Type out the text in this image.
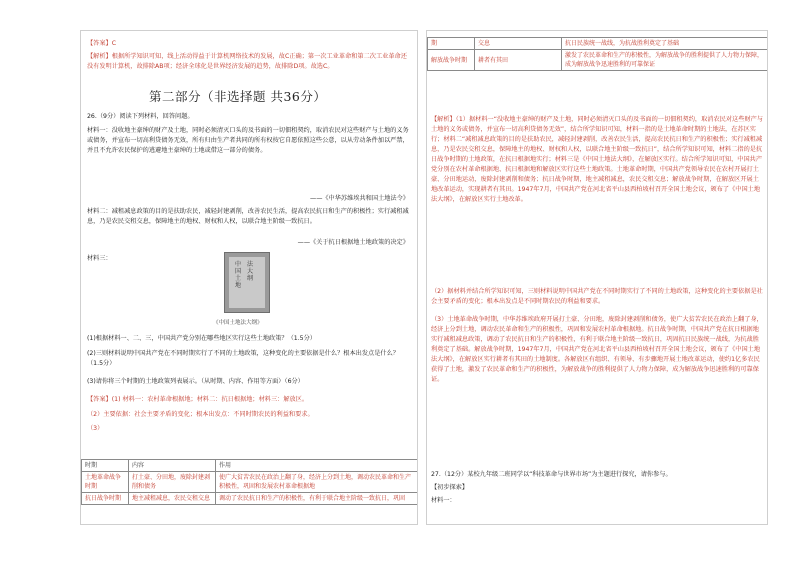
【答案】C

【解析】根据所学知识可知，线上活动得益于计算机网络技术的发展，故C正确；第一次工业革命和第二次工业革命还没有发明计算机，故排除AB项；经济全球化是世界经济发展的趋势，故排除D项。故选C。

第二部分（非选择题 共36分）

26.（9分）阅读下列材料，回答问题。

材料一：没收地主豪绅的财产及土地，同时必须清灭口头的及书面的一切佃租契约，取消农民对这些财产与土地的义务或债务，并宣布一切高利贷债务无效，所有归由生产者共同的所有权按它自愿依照这些公意，以从劳动条件加以严禁，并且不允许农民保护的逃避地主豪绅的土地或借这一部分的债务。

——《中华苏维埃共和国土地法令》

材料二：减租减息政策的目的是扶助农民，减轻封建剥削，改善农民生活，提高农民抗日和生产的积极性；实行减租减息，乃是农民交租交息，保障地主的地权、财权和人权，以联合地主阶级一致抗日。

——《关于抗日根据地土地政策的决定》

材料三：

中国土地
法大纲
《中国土地法大纲》

(1)根据材料一、二、三，中国共产党分别在哪些地区实行这些土地政策？（1.5分）

(2)三则材料说明中国共产党在不同时期实行了不同的土地政策，这种变化的主要依据是什么？根本出发点是什么？（1.5分）

(3)请你将三个时期的土地政策列表展示。（从时期、内容、作用等方面）（6分）

【答案】(1) 材料一：农村革命根据地；材料二：抗日根据地；材料三：解放区。

（2）主要依据：社会主要矛盾的变化；根本出发点：不同时期农民的利益和要求。

（3）

时期	内容	作用
土地革命战争时期	打土豪、分田地，废除封建剥削和债务	使广大贫苦农民在政治上翻了身，经济上分到土地，调动农民革命和生产积极性，巩固和发展农村革命根据地
抗日战争时期	地主减租减息，农民交租交息	调动了农民抗日和生产的积极性，有利于联合地主阶级一致抗日，巩固
期	交息	抗日民族统一战线，为抗战胜利奠定了基础
解放战争时期	耕者有其田	激发了农民革命和生产的积极性，为解放战争的胜利提供了人力物力保障，成为解放战争迅速胜利的可靠保证

【解析】（1）据材料一“没收地主豪绅的财产及土地，同时必须清灭口头的及书面的一切佃租契约，取消农民对这些财产与土地的义务或债务，并宣布一切高利贷债务无效”，结合所学知识可知，材料一指的是土地革命时期的土地法，在苏区实行；材料二“减租减息政策的目的是扶助农民，减轻封建剥削，改善农民生活，提高农民抗日和生产的积极性；实行减租减息，乃是农民交租交息，保障地主的地权、财权和人权，以联合地主阶级一致抗日”，结合所学知识可知，材料二指的是抗日战争时期的土地政策，在抗日根据地实行；材料三是《中国土地法大纲》，在解放区实行。结合所学知识可知，中国共产党分别在农村革命根据地、抗日根据地和解放区实行这些土地政策。土地革命时期，中国共产党领导农民在农村开展打土豪、分田地运动，废除封建剥削和债务；抗日战争时期，地主减租减息，农民交租交息；解放战争时期，在解放区开展土地改革运动，实现耕者有其田。1947年7月，中国共产党在河北省平山县西柏坡村召开全国土地会议，颁布了《中国土地法大纲》，在解放区实行土地改革。

（2）据材料并结合所学知识可知，三则材料说明中国共产党在不同时期实行了不同的土地政策，这种变化的主要依据是社会主要矛盾的变化；根本出发点是不同时期农民的利益和要求。

（3）土地革命战争时期，中华苏维埃政府开展打土豪、分田地，废除封建剥削和债务，使广大贫苦农民在政治上翻了身，经济上分到土地，调动农民革命和生产的积极性，巩固和发展农村革命根据地。抗日战争时期，中国共产党在抗日根据地实行减租减息政策，调动了农民抗日和生产的积极性，有利于联合地主阶级一致抗日，巩固抗日民族统一战线，为抗战胜利奠定了基础。解放战争时期，1947年7月，中国共产党在河北省平山县西柏坡村召开全国土地会议，颁布了《中国土地法大纲》，在解放区实行耕者有其田的土地制度。各解放区有组织、有领导、有步骤地开展土地改革运动，使约1亿多农民获得了土地，激发了农民革命和生产的积极性，为解放战争的胜利提供了人力物力保障，成为解放战争迅速胜利的可靠保证。

27.（12分）某校九年级二班同学以“科技革命与世界市场”为主题进行探究，请你参与。

【初步探索】

材料一：
